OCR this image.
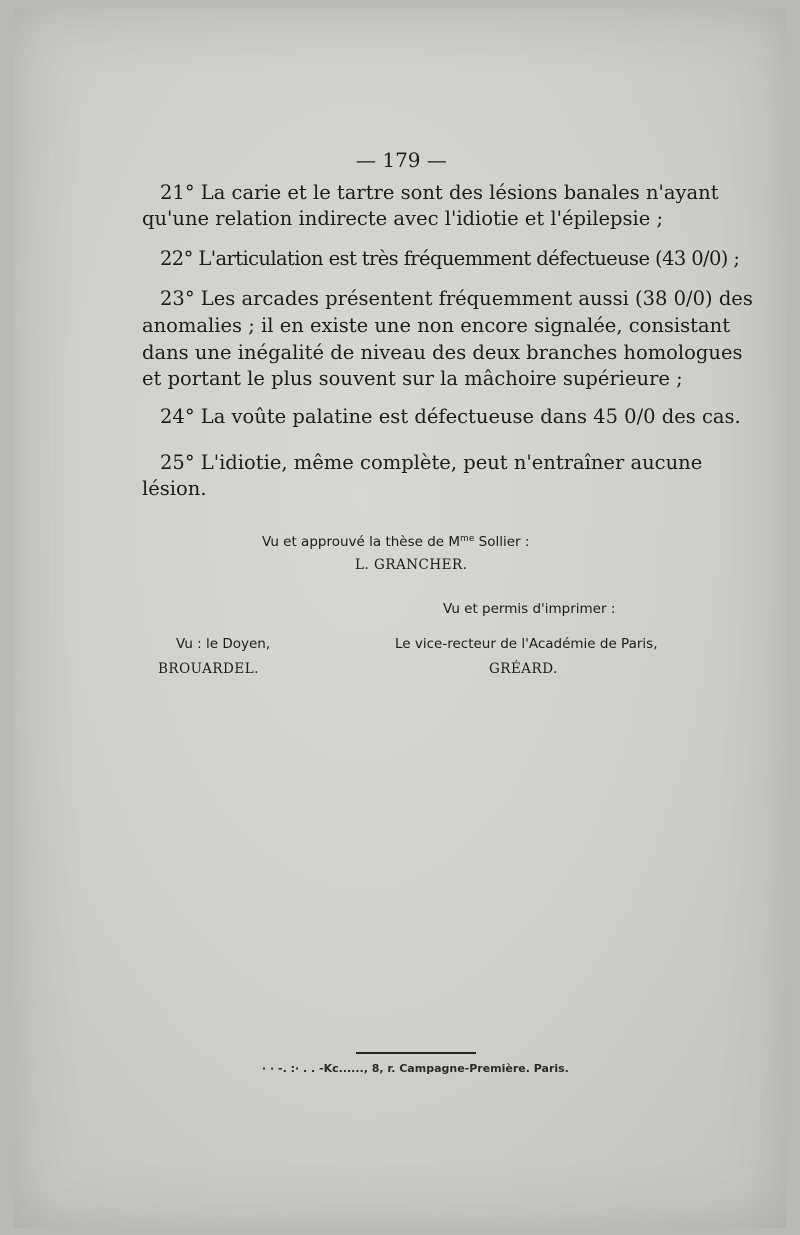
— 179 —
21° La carie et le tartre sont des lésions banales n'ayant
qu'une relation indirecte avec l'idiotie et l'épilepsie ;
22° L'articulation est très fréquemment défectueuse (43 0/0) ;
23° Les arcades présentent fréquemment aussi (38 0/0) des
anomalies ; il en existe une non encore signalée, consistant
dans une inégalité de niveau des deux branches homologues
et portant le plus souvent sur la mâchoire supérieure ;
24° La voûte palatine est défectueuse dans 45 0/0 des cas.
25° L'idiotie, même complète, peut n'entraîner aucune
lésion.
Vu et approuvé la thèse de $M^{me}$ Sollier :
L. GRANCHER.
Vu et permis d'imprimer :
Vu : le Doyen,	Le vice-recteur de l'Académie de Paris,
BROUARDEL.	GRÉARD.
· · -. :· . . -Kc......, 8, r. Campagne-Première. Paris.
